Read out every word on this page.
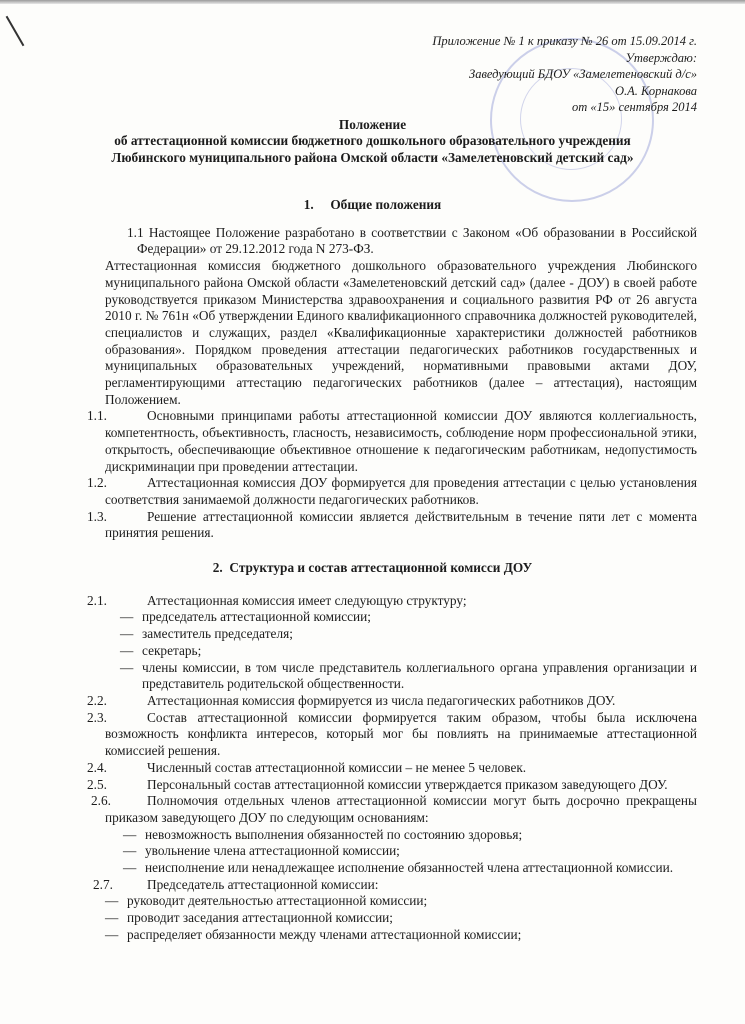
Приложение № 1 к приказу № 26 от 15.09.2014 г.
Утверждаю:
Заведующий БДОУ «Замелетеновский д/с»
О.А. Корнакова
от «15» сентября 2014
Положение
об аттестационной комиссии бюджетного дошкольного образовательного учреждения
Любинского муниципального района Омской области «Замелетеновский детский сад»
1.     Общие положения
1.1 Настоящее Положение разработано в соответствии с Законом «Об образовании в Российской Федерации» от 29.12.2012 года N 273-ФЗ.
Аттестационная комиссия бюджетного дошкольного образовательного учреждения Любинского муниципального района Омской области «Замелетеновский детский сад» (далее - ДОУ) в своей работе руководствуется приказом Министерства здравоохранения и социального развития РФ от 26 августа 2010 г. № 761н «Об утверждении Единого квалификационного справочника должностей руководителей, специалистов и служащих, раздел «Квалификационные характеристики должностей работников образования». Порядком проведения аттестации педагогических работников государственных и муниципальных образовательных учреждений, нормативными правовыми актами ДОУ, регламентирующими аттестацию педагогических работников (далее – аттестация), настоящим Положением.
1.1.	Основными принципами работы аттестационной комиссии ДОУ являются коллегиальность, компетентность, объективность, гласность, независимость, соблюдение норм профессиональной этики, открытость, обеспечивающие объективное отношение к педагогическим работникам, недопустимость дискриминации при проведении аттестации.
1.2.	Аттестационная комиссия ДОУ формируется для проведения аттестации с целью установления соответствия занимаемой должности педагогических работников.
1.3.	Решение аттестационной комиссии является действительным в течение пяти лет с момента принятия решения.
2.  Структура и состав аттестационной комисси ДОУ
2.1.	Аттестационная комиссия имеет следующую структуру;
— председатель аттестационной комиссии;
— заместитель председателя;
— секретарь;
— члены комиссии, в том числе представитель коллегиального органа управления организации и представитель родительской общественности.
2.2.	Аттестационная комиссия формируется из числа педагогических работников ДОУ.
2.3.	Состав аттестационной комиссии формируется таким образом, чтобы была исключена возможность конфликта интересов, который мог бы повлиять на принимаемые аттестационной комиссией решения.
2.4.	Численный состав аттестационной комиссии – не менее 5 человек.
2.5.	Персональный состав аттестационной комиссии утверждается приказом заведующего ДОУ.
2.6.	Полномочия отдельных членов аттестационной комиссии могут быть досрочно прекращены приказом заведующего ДОУ по следующим основаниям:
— невозможность выполнения обязанностей по состоянию здоровья;
— увольнение члена аттестационной комиссии;
— неисполнение или ненадлежащее исполнение обязанностей члена аттестационной комиссии.
2.7.	Председатель аттестационной комиссии:
— руководит деятельностью аттестационной комиссии;
— проводит заседания аттестационной комиссии;
— распределяет обязанности между членами аттестационной комиссии;
